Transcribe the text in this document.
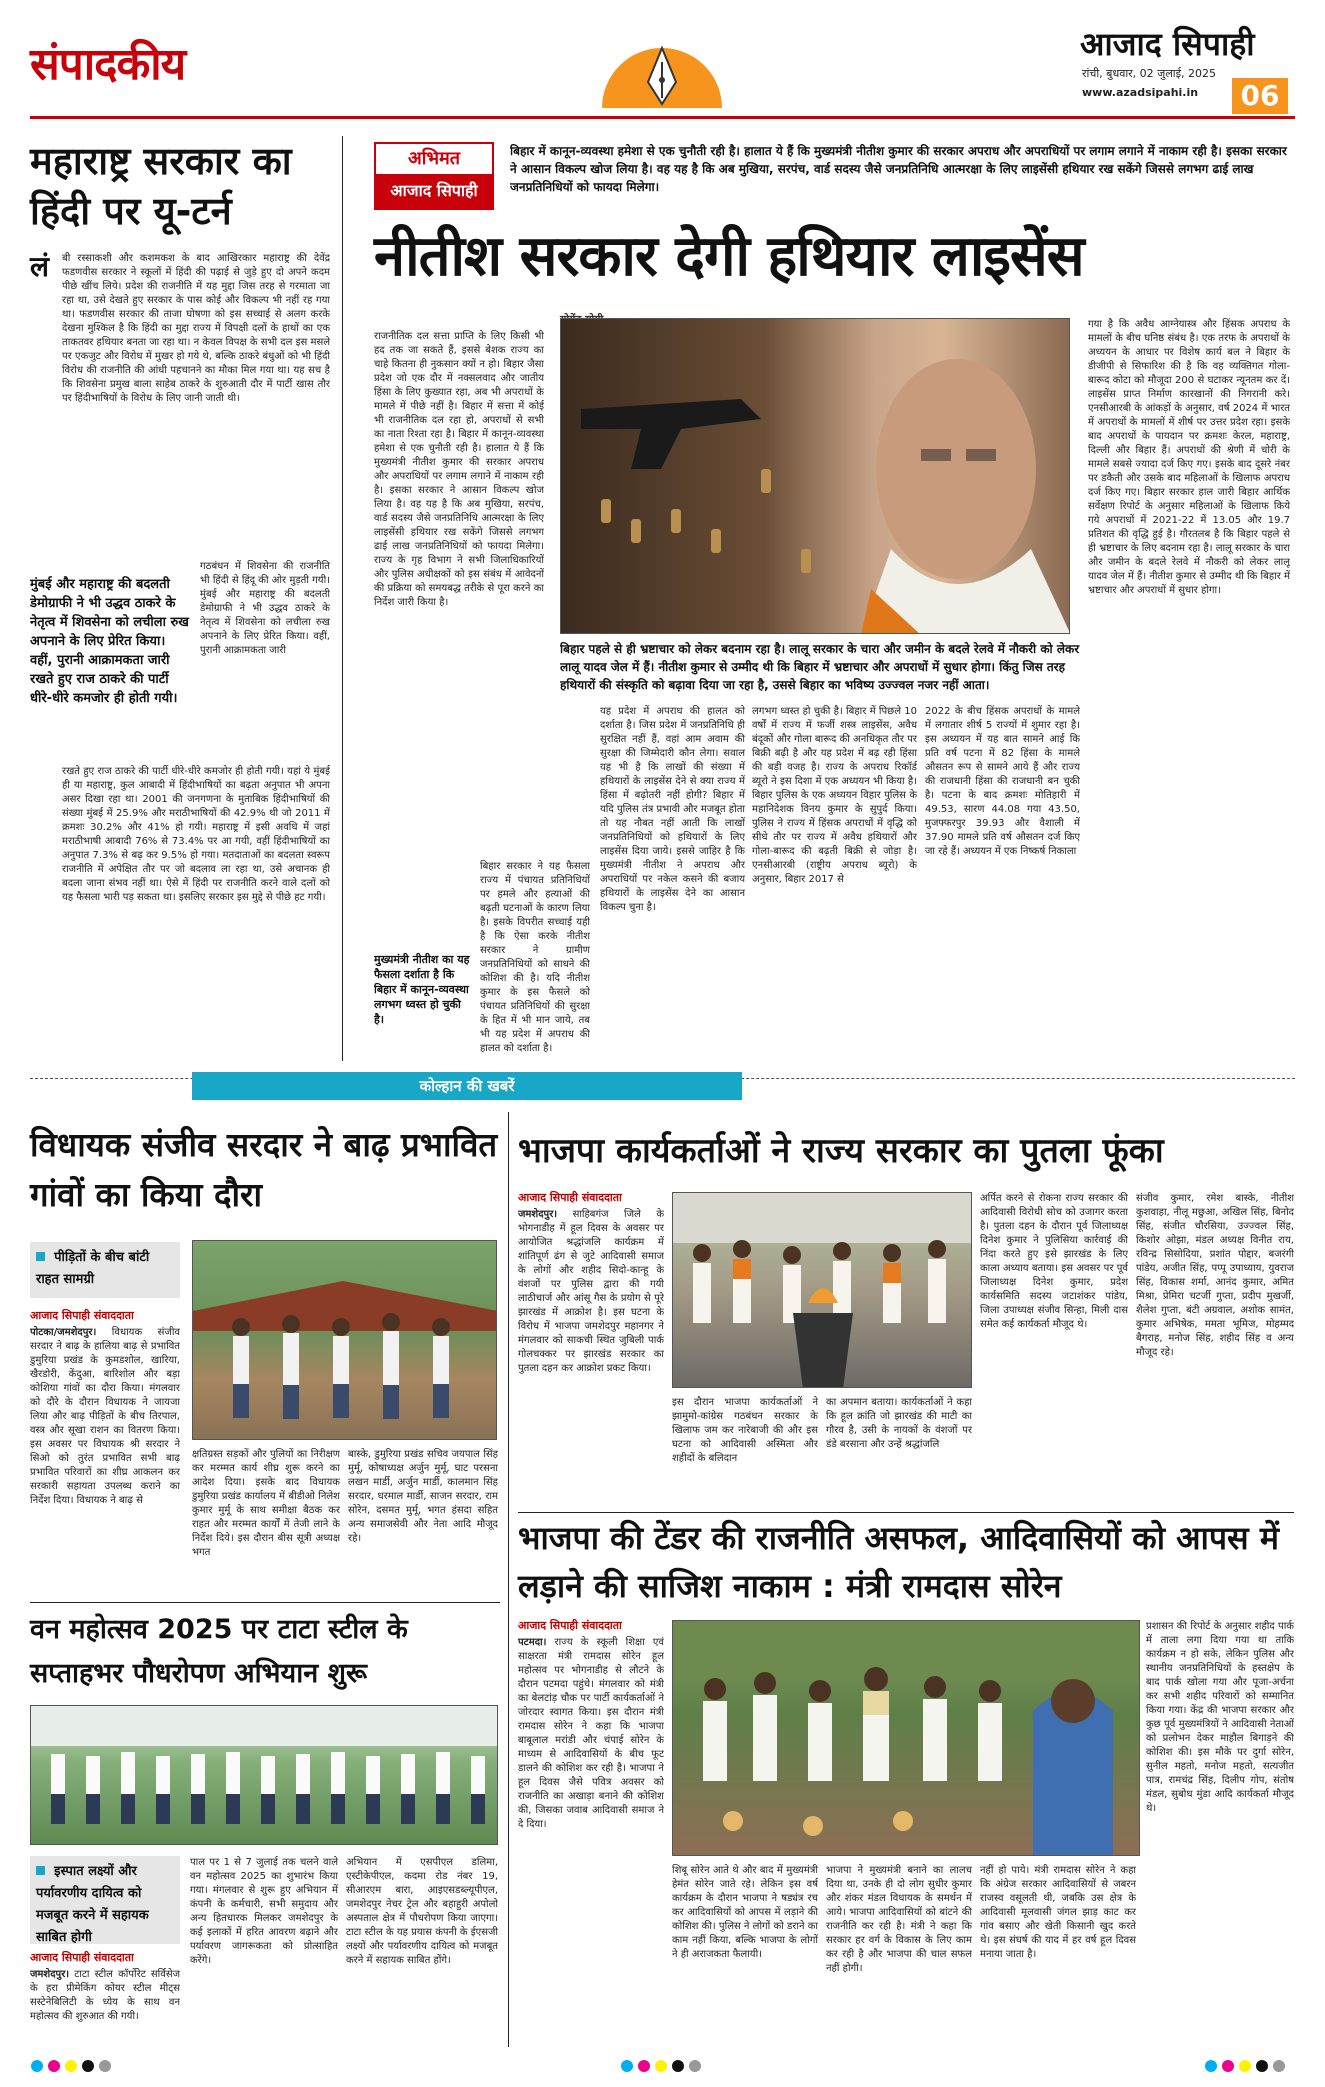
संपादकीय	आजाद सिपाही
रांची, बुधवार, 02 जुलाई, 2025
www.azadsipahi.in	06
महाराष्ट्र सरकार का हिंदी पर यू-टर्न
लं बी रस्साकशी और कशमकश के बाद आखिरकार महाराष्ट्र की देवेंद्र फडणवीस सरकार ने स्कूलों में हिंदी की पढ़ाई से जुड़े हुए दो अपने कदम पीछे खींच लिये। प्रदेश की राजनीति में यह मुद्दा जिस तरह से गरमाता जा रहा था, उसे देखते हुए सरकार के पास कोई और विकल्प भी नहीं रह गया था। फडणवीस सरकार की ताजा घोषणा को इस सच्चाई से अलग करके देखना मुश्किल है कि हिंदी का मुद्दा राज्य में विपक्षी दलों के हाथों का एक ताकतवर हथियार बनता जा रहा था। न केवल विपक्ष के सभी दल इस मसले पर एकजुट और विरोध में मुखर हो गये थे, बल्कि ठाकरे बंधुओं को भी हिंदी विरोध की राजनीति की आंधी पहचानने का मौका मिल गया था। यह सच है कि शिवसेना प्रमुख बाला साहेब ठाकरे के शुरुआती दौर में पार्टी खास तौर पर हिंदीभाषियों के विरोध के लिए जानी जाती थी।
मुंबई और महाराष्ट्र की बदलती डेमोग्राफी ने भी उद्धव ठाकरे के नेतृत्व में शिवसेना को लचीला रुख अपनाने के लिए प्रेरित किया। वहीं, पुरानी आक्रामकता जारी रखते हुए राज ठाकरे की पार्टी धीरे-धीरे कमजोर ही होती गयी।
गठबंधन में शिवसेना की राजनीति भी हिंदी से हिंदू की ओर मुड़ती गयी। मुंबई और महाराष्ट्र की बदलती डेमोग्राफी ने भी उद्धव ठाकरे के नेतृत्व में शिवसेना को लचीला रुख अपनाने के लिए प्रेरित किया। वहीं, पुरानी आक्रामकता जारी
रखते हुए राज ठाकरे की पार्टी धीरे-धीरे कमजोर ही होती गयी। यहां ये मुंबई ही या महाराष्ट्र, कुल आबादी में हिंदीभाषियों का बढ़ता अनुपात भी अपना असर दिखा रहा था। 2001 की जनगणना के मुताबिक हिंदीभाषियों की संख्या मुंबई में 25.9% और मराठीभाषियों की 42.9% थी जो 2011 में क्रमशः 30.2% और 41% हो गयी। महाराष्ट्र में इसी अवधि में जहां मराठीभाषी आबादी 76% से 73.4% पर आ गयी, वहीं हिंदीभाषियों का अनुपात 7.3% से बढ़ कर 9.5% हो गया। मतदाताओं का बदलता स्वरूप राजनीति में अपेक्षित तौर पर जो बदलाव ला रहा था, उसे अचानक ही बदला जाना संभव नहीं था। ऐसे में हिंदी पर राजनीति करने वाले दलों को यह फैसला भारी पड़ सकता था। इसलिए सरकार इस मुद्दे से पीछे हट गयी।
अभिमत
आजाद सिपाही
बिहार में कानून-व्यवस्था हमेशा से एक चुनौती रही है। हालात ये हैं कि मुख्यमंत्री नीतीश कुमार की सरकार अपराध और अपराधियों पर लगाम लगाने में नाकाम रही है। इसका सरकार ने आसान विकल्प खोज लिया है। वह यह है कि अब मुखिया, सरपंच, वार्ड सदस्य जैसे जनप्रतिनिधि आत्मरक्षा के लिए लाइसेंसी हथियार रख सकेंगे जिससे लगभग ढाई लाख जनप्रतिनिधियों को फायदा मिलेगा।
नीतीश सरकार देगी हथियार लाइसेंस
राजनीतिक दल सत्ता प्राप्ति के लिए किसी भी हद तक जा सकते हैं, इससे बेशक राज्य का चाहे कितना ही नुकसान क्यों न हो। बिहार जैसा प्रदेश जो एक दौर में नक्सलवाद और जातीय हिंसा के लिए कुख्यात रहा, अब भी अपराधों के मामले में पीछे नहीं है। बिहार में सत्ता में कोई भी राजनीतिक दल रहा हो, अपराधों से सभी का नाता रिश्ता रहा है। बिहार में कानून-व्यवस्था हमेशा से एक चुनौती रही है। हालात ये हैं कि मुख्यमंत्री नीतीश कुमार की सरकार अपराध और अपराधियों पर लगाम लगाने में नाकाम रही है। इसका सरकार ने आसान विकल्प खोज लिया है। वह यह है कि अब मुखिया, सरपंच, वार्ड सदस्य जैसे जनप्रतिनिधि आत्मरक्षा के लिए लाइसेंसी हथियार रख सकेंगे जिससे लगभग ढाई लाख जनप्रतिनिधियों को फायदा मिलेगा। राज्य के गृह विभाग ने सभी जिलाधिकारियों और पुलिस अधीक्षकों को इस संबंध में आवेदनों की प्रक्रिया को समयबद्ध तरीके से पूरा करने का निर्देश जारी किया है।
गया है कि अवैध आग्नेयास्त्र और हिंसक अपराध के मामलों के बीच घनिष्ठ संबंध है। एक तरफ के अपराधों के अध्ययन के आधार पर विशेष कार्य बल ने बिहार के डीजीपी से सिफारिश की है कि वह व्यक्तिगत गोला-बारूद कोटा को मौजूदा 200 से घटाकर न्यूनतम कर दें। लाइसेंस प्राप्त निर्माण कारखानों की निगरानी करे। एनसीआरबी के आंकड़ों के अनुसार, वर्ष 2024 में भारत में अपराधों के मामलों में शीर्ष पर उत्तर प्रदेश रहा। इसके बाद अपराधों के पायदान पर क्रमशः केरल, महाराष्ट्र, दिल्ली और बिहार हैं। अपराधों की श्रेणी में चोरी के मामले सबसे ज्यादा दर्ज किए गए। इसके बाद दूसरे नंबर पर डकैती और उसके बाद महिलाओं के खिलाफ अपराध दर्ज किए गए। बिहार सरकार हाल जारी बिहार आर्थिक सर्वेक्षण रिपोर्ट के अनुसार महिलाओं के खिलाफ किये गये अपराधों में 2021-22 में 13.05 और 19.7 प्रतिशत की वृद्धि हुई है। गौरतलब है कि बिहार पहले से ही भ्रष्टाचार के लिए बदनाम रहा है। लालू सरकार के चारा और जमीन के बदले रेलवे में नौकरी को लेकर लालू यादव जेल में हैं। नीतीश कुमार से उम्मीद थी कि बिहार में भ्रष्टाचार और अपराधों में सुधार होगा।
बिहार पहले से ही भ्रष्टाचार को लेकर बदनाम रहा है। लालू सरकार के चारा और जमीन के बदले रेलवे में नौकरी को लेकर लालू यादव जेल में हैं। नीतीश कुमार से उम्मीद थी कि बिहार में भ्रष्टाचार और अपराधों में सुधार होगा। किंतु जिस तरह हथियारों की संस्कृति को बढ़ावा दिया जा रहा है, उससे बिहार का भविष्य उज्ज्वल नजर नहीं आता।
मुख्यमंत्री नीतीश का यह फैसला दर्शाता है कि बिहार में कानून-व्यवस्था लगभग ध्वस्त हो चुकी है।
बिहार सरकार ने यह फैसला राज्य में पंचायत प्रतिनिधियों पर हमले और हत्याओं की बढ़ती घटनाओं के कारण लिया है। इसके विपरीत सच्चाई यही है कि ऐसा करके नीतीश सरकार ने ग्रामीण जनप्रतिनिधियों को साधने की कोशिश की है। यदि नीतीश कुमार के इस फैसले को पंचायत प्रतिनिधियों की सुरक्षा के हित में भी मान जाये, तब भी यह प्रदेश में अपराध की हालत को दर्शाता है।
यह प्रदेश में अपराध की हालत को दर्शाता है। जिस प्रदेश में जनप्रतिनिधि ही सुरक्षित नहीं हैं, वहां आम अवाम की सुरक्षा की जिम्मेदारी कौन लेगा। सवाल यह भी है कि लाखों की संख्या में हथियारों के लाइसेंस देने से क्या राज्य में हिंसा में बढ़ोतरी नहीं होगी? बिहार में यदि पुलिस तंत्र प्रभावी और मजबूत होता तो यह नौबत नहीं आती कि लाखों जनप्रतिनिधियों को हथियारों के लिए लाइसेंस दिया जाये। इससे जाहिर है कि मुख्यमंत्री नीतीश ने अपराध और अपराधियों पर नकेल कसने की बजाय हथियारों के लाइसेंस देने का आसान विकल्प चुना है।
लगभग ध्वस्त हो चुकी है। बिहार में पिछले 10 वर्षों में राज्य में फर्जी शस्त्र लाइसेंस, अवैध बंदूकों और गोला बारूद की अनधिकृत तौर पर बिक्री बढ़ी है और यह प्रदेश में बढ़ रही हिंसा की बड़ी वजह है। राज्य के अपराध रिकॉर्ड ब्यूरो ने इस दिशा में एक अध्ययन भी किया है। बिहार पुलिस के एक अध्ययन विहार पुलिस के महानिदेशक विनय कुमार के सुपुर्द किया। पुलिस ने राज्य में हिंसक अपराधों में वृद्धि को सीधे तौर पर राज्य में अवैध हथियारों और गोला-बारूद की बढ़ती बिक्री से जोड़ा है। एनसीआरबी (राष्ट्रीय अपराध ब्यूरो) के अनुसार, बिहार 2017 से
2022 के बीच हिंसक अपराधों के मामले में लगातार शीर्ष 5 राज्यों में शुमार रहा है। इस अध्ययन में यह बात सामने आई कि प्रति वर्ष पटना में 82 हिंसा के मामले औसतन रूप से सामने आये हैं और राज्य की राजधानी हिंसा की राजधानी बन चुकी है। पटना के बाद क्रमशः मोतिहारी में 49.53, सारण 44.08 गया 43.50, मुजफ्फरपुर 39.93 और वैशाली में 37.90 मामले प्रति वर्ष औसतन दर्ज किए जा रहे हैं। अध्ययन में एक निष्कर्ष निकाला
कोल्हान की खबरें
विधायक संजीव सरदार ने बाढ़ प्रभावित गांवों का किया दौरा
पीड़ितों के बीच बांटी राहत सामग्री
आजाद सिपाही संवाददाता
पोटका/जमशेदपुर। विधायक संजीव सरदार ने बाढ़ के हालिया बाढ़ से प्रभावित डुमुरिया प्रखंड के कुमडशोल, खारिया, खैरडोरी, केंदुआ, बारिशोल और बड़ा कोशिया गांवों का दौरा किया। मंगलवार को दौरे के दौरान विधायक ने जायजा लिया और बाढ़ पीड़ितों के बीच तिरपाल, वस्त्र और सूखा राशन का वितरण किया। इस अवसर पर विधायक श्री सरदार ने सिओ को तुरंत प्रभावित सभी बाढ़ प्रभावित परिवारों का शीघ्र आकलन कर सरकारी सहायता उपलब्ध कराने का निर्देश दिया। विधायक ने बाढ़ से
क्षतिग्रस्त सड़कों और पुलियों का निरीक्षण कर मरम्मत कार्य शीघ्र शुरू करने का आदेश दिया। इसके बाद विधायक डुमुरिया प्रखंड कार्यालय में बीडीओ निलेश कुमार मुर्मू के साथ समीक्षा बैठक कर राहत और मरम्मत कार्यों में तेजी लाने के निर्देश दिये। इस दौरान बीस सूत्री अध्यक्ष भगत
बास्के, डुमुरिया प्रखंड सचिव जयपाल सिंह मुर्मू, कोषाध्यक्ष अर्जुन मुर्मू, घाट परसना लखन मार्डी, अर्जुन मार्डी, कालमान सिंह सरदार, धरमाल मार्डी, साजन सरदार, राम सोरेन, दसमत मुर्मू, भगत हंसदा सहित अन्य समाजसेवी और नेता आदि मौजूद रहे।
वन महोत्सव 2025 पर टाटा स्टील के सप्ताहभर पौधरोपण अभियान शुरू
इस्पात लक्ष्यों और पर्यावरणीय दायित्व को मजबूत करने में सहायक साबित होगी
आजाद सिपाही संवाददाता
जमशेदपुर। टाटा स्टील कॉर्पोरेट सर्विसेज के हरा प्रीमेकिंग कोयर स्टील मीट्स सस्टेनेबिलिटी के ध्येय के साथ वन महोत्सव की शुरुआत की गयी।
पाल पर 1 से 7 जुलाई तक चलने वाले वन महोत्सव 2025 का शुभारंभ किया गया। मंगलवार से शुरू हुए अभियान में कंपनी के कर्मचारी, सभी समुदाय और अन्य हितधारक मिलकर जमशेदपुर के कई इलाकों में हरित आवरण बढ़ाने और पर्यावरण जागरूकता को प्रोत्साहित करेंगे।
अभियान में एसपीएल डलिमा, एस्टीकेपीएल, कदमा रोड नंबर 19, सीआरएम बारा, आइएसडब्ल्यूपीएल, जमशेदपुर नेचर ट्रेल और बहाहुरी अपोलो अस्पताल क्षेत्र में पौधरोपण किया जाएगा। टाटा स्टील के यह प्रयास कंपनी के ईएसजी लक्ष्यों और पर्यावरणीय दायित्व को मजबूत करने में सहायक साबित होंगे।
भाजपा कार्यकर्ताओं ने राज्य सरकार का पुतला फूंका
आजाद सिपाही संवाददाता
जमशेदपुर। साहिबगंज जिले के भोगनाडीह में हूल दिवस के अवसर पर आयोजित श्रद्धांजलि कार्यक्रम में शांतिपूर्ण ढंग से जुटे आदिवासी समाज के लोगों और शहीद सिदो-कान्हू के वंशजों पर पुलिस द्वारा की गयी लाठीचार्ज और आंसू गैस के प्रयोग से पूरे झारखंड में आक्रोश है। इस घटना के विरोध में भाजपा जमशेदपुर महानगर ने मंगलवार को साकची स्थित जुबिली पार्क गोलचक्कर पर झारखंड सरकार का पुतला दहन कर आक्रोश प्रकट किया।
इस दौरान भाजपा कार्यकर्ताओं ने झामुमो-कांग्रेस गठबंधन सरकार के खिलाफ जम कर नारेबाजी की और इस घटना को आदिवासी अस्मिता और शहीदों के बलिदान
का अपमान बताया। कार्यकर्ताओं ने कहा कि हूल क्रांति जो झारखंड की माटी का गौरव है, उसी के नायकों के वंशजों पर डंडे बरसाना और उन्हें श्रद्धांजलि
अर्पित करने से रोकना राज्य सरकार की आदिवासी विरोधी सोच को उजागर करता है। पुतला दहन के दौरान पूर्व जिलाध्यक्ष दिनेश कुमार ने पुलिसिया कार्रवाई की निंदा करते हुए इसे झारखंड के लिए काला अध्याय बताया। इस अवसर पर पूर्व जिलाध्यक्ष दिनेश कुमार, प्रदेश कार्यसमिति सदस्य जटाशंकर पांडेय, जिला उपाध्यक्ष संजीव सिन्हा, मिली दास समेत कई कार्यकर्ता मौजूद थे।
संजीव कुमार, रमेश बास्के, नीतीश कुशवाहा, नीलू मछुआ, अखिल सिंह, बिनोद सिंह, संजीत चौरसिया, उज्ज्वल सिंह, किशोर ओझा, मंडल अध्यक्ष विनीत राय, रविन्द्र सिसोदिया, प्रशांत पोद्दार, बजरंगी पांडेय, अजीत सिंह, पप्पू उपाध्याय, युवराज सिंह, विकास शर्मा, आनंद कुमार, अमित मिश्रा, प्रेमिरा चटर्जी गुप्ता, प्रदीप मुखर्जी, शैलेश गुप्ता, बंटी अग्रवाल, अशोक सामंत, कुमार अभिषेक, ममता भूमिज, मोहम्मद बैगराह, मनोज सिंह, शहीद सिंह व अन्य मौजूद रहे।
भाजपा की टेंडर की राजनीति असफल, आदिवासियों को आपस में लड़ाने की साजिश नाकाम : मंत्री रामदास सोरेन
आजाद सिपाही संवाददाता
पटमदा। राज्य के स्कूली शिक्षा एवं साक्षरता मंत्री रामदास सोरेन हूल महोत्सव पर भोगनाडीह से लौटने के दौरान पटमदा पहुंचे। मंगलवार को मंत्री का बेलटांड़ चौक पर पार्टी कार्यकर्ताओं ने जोरदार स्वागत किया। इस दौरान मंत्री रामदास सोरेन ने कहा कि भाजपा बाबूलाल मरांडी और चंपाई सोरेन के माध्यम से आदिवासियों के बीच फूट डालने की कोशिश कर रही है। भाजपा ने हूल दिवस जैसे पवित्र अवसर को राजनीति का अखाड़ा बनाने की कोशिश की, जिसका जवाब आदिवासी समाज ने दे दिया।
शिबू सोरेन आते थे और बाद में मुख्यमंत्री हेमंत सोरेन जाते रहे। लेकिन इस वर्ष कार्यक्रम के दौरान भाजपा ने षड्यंत्र रच कर आदिवासियों को आपस में लड़ाने की कोशिश की। पुलिस ने लोगों को डराने का काम नहीं किया, बल्कि भाजपा के लोगों ने ही अराजकता फैलायी।
भाजपा ने मुख्यमंत्री बनाने का लालच दिया था, उनके ही दो लोग सुधीर कुमार और शंकर मंडल विधायक के समर्थन में आये। भाजपा आदिवासियों को बांटने की राजनीति कर रही है। मंत्री ने कहा कि सरकार हर वर्ग के विकास के लिए काम कर रही है और भाजपा की चाल सफल नहीं होगी।
नहीं हो पाये। मंत्री रामदास सोरेन ने कहा कि अंग्रेज सरकार आदिवासियों से जबरन राजस्व वसूलती थी, जबकि उस क्षेत्र के आदिवासी मूलवासी जंगल झाड़ काट कर गांव बसाए और खेती किसानी खुद करते थे। इस संघर्ष की याद में हर वर्ष हूल दिवस मनाया जाता है।
प्रशासन की रिपोर्ट के अनुसार शहीद पार्क में ताला लगा दिया गया था ताकि कार्यक्रम न हो सके, लेकिन पुलिस और स्थानीय जनप्रतिनिधियों के हस्तक्षेप के बाद पार्क खोला गया और पूजा-अर्चना कर सभी शहीद परिवारों को सम्मानित किया गया। केंद्र की भाजपा सरकार और कुछ पूर्व मुख्यमंत्रियों ने आदिवासी नेताओं को प्रलोभन देकर माहौल बिगाड़ने की कोशिश की। इस मौके पर दुर्गा सोरेन, सुनील महतो, मनोज महतो, सत्यजीत पात्र, रामचंद्र सिंह, दिलीप गोप, संतोष मंडल, सुबोध मुंडा आदि कार्यकर्ता मौजूद थे।
